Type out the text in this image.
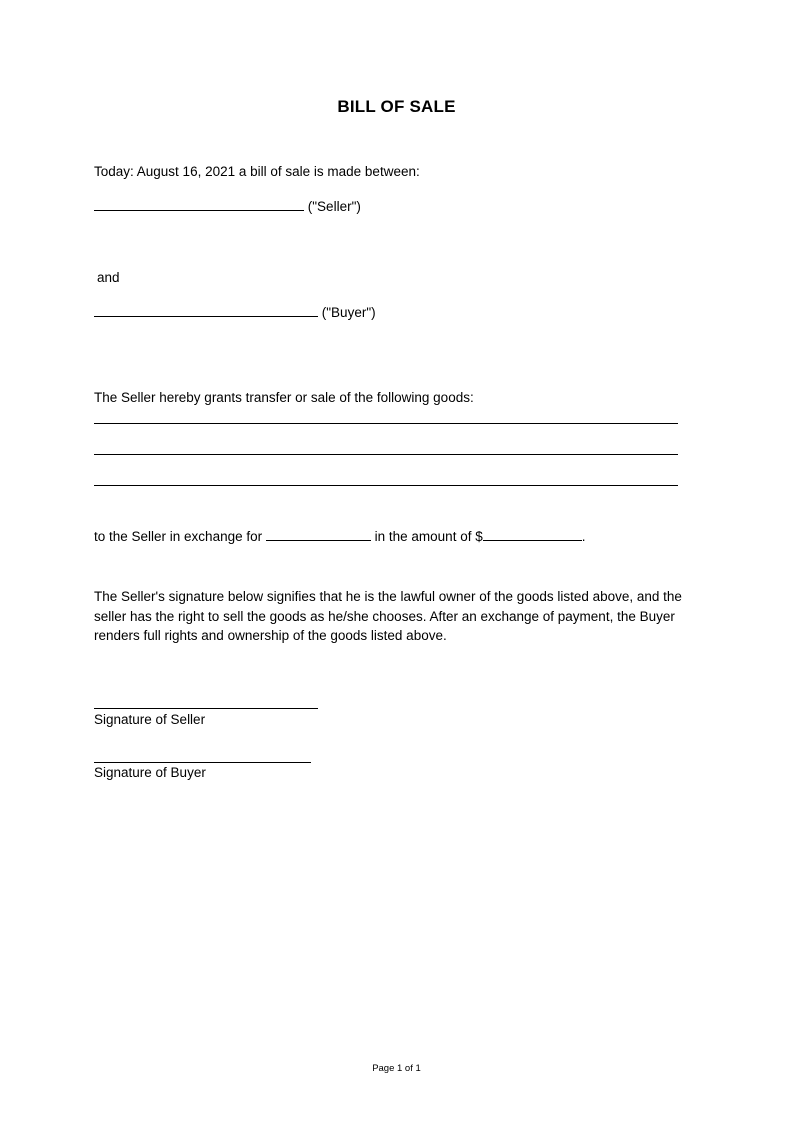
BILL OF SALE
Today: August 16, 2021 a bill of sale is made between:
("Seller")
and
("Buyer")
The Seller hereby grants transfer or sale of the following goods:
to the Seller in exchange for	in the amount of $	.
The Seller's signature below signifies that he is the lawful owner of the goods listed above, and the seller has the right to sell the goods as he/she chooses. After an exchange of payment, the Buyer renders full rights and ownership of the goods listed above.
Signature of Seller
Signature of Buyer
Page 1 of 1
